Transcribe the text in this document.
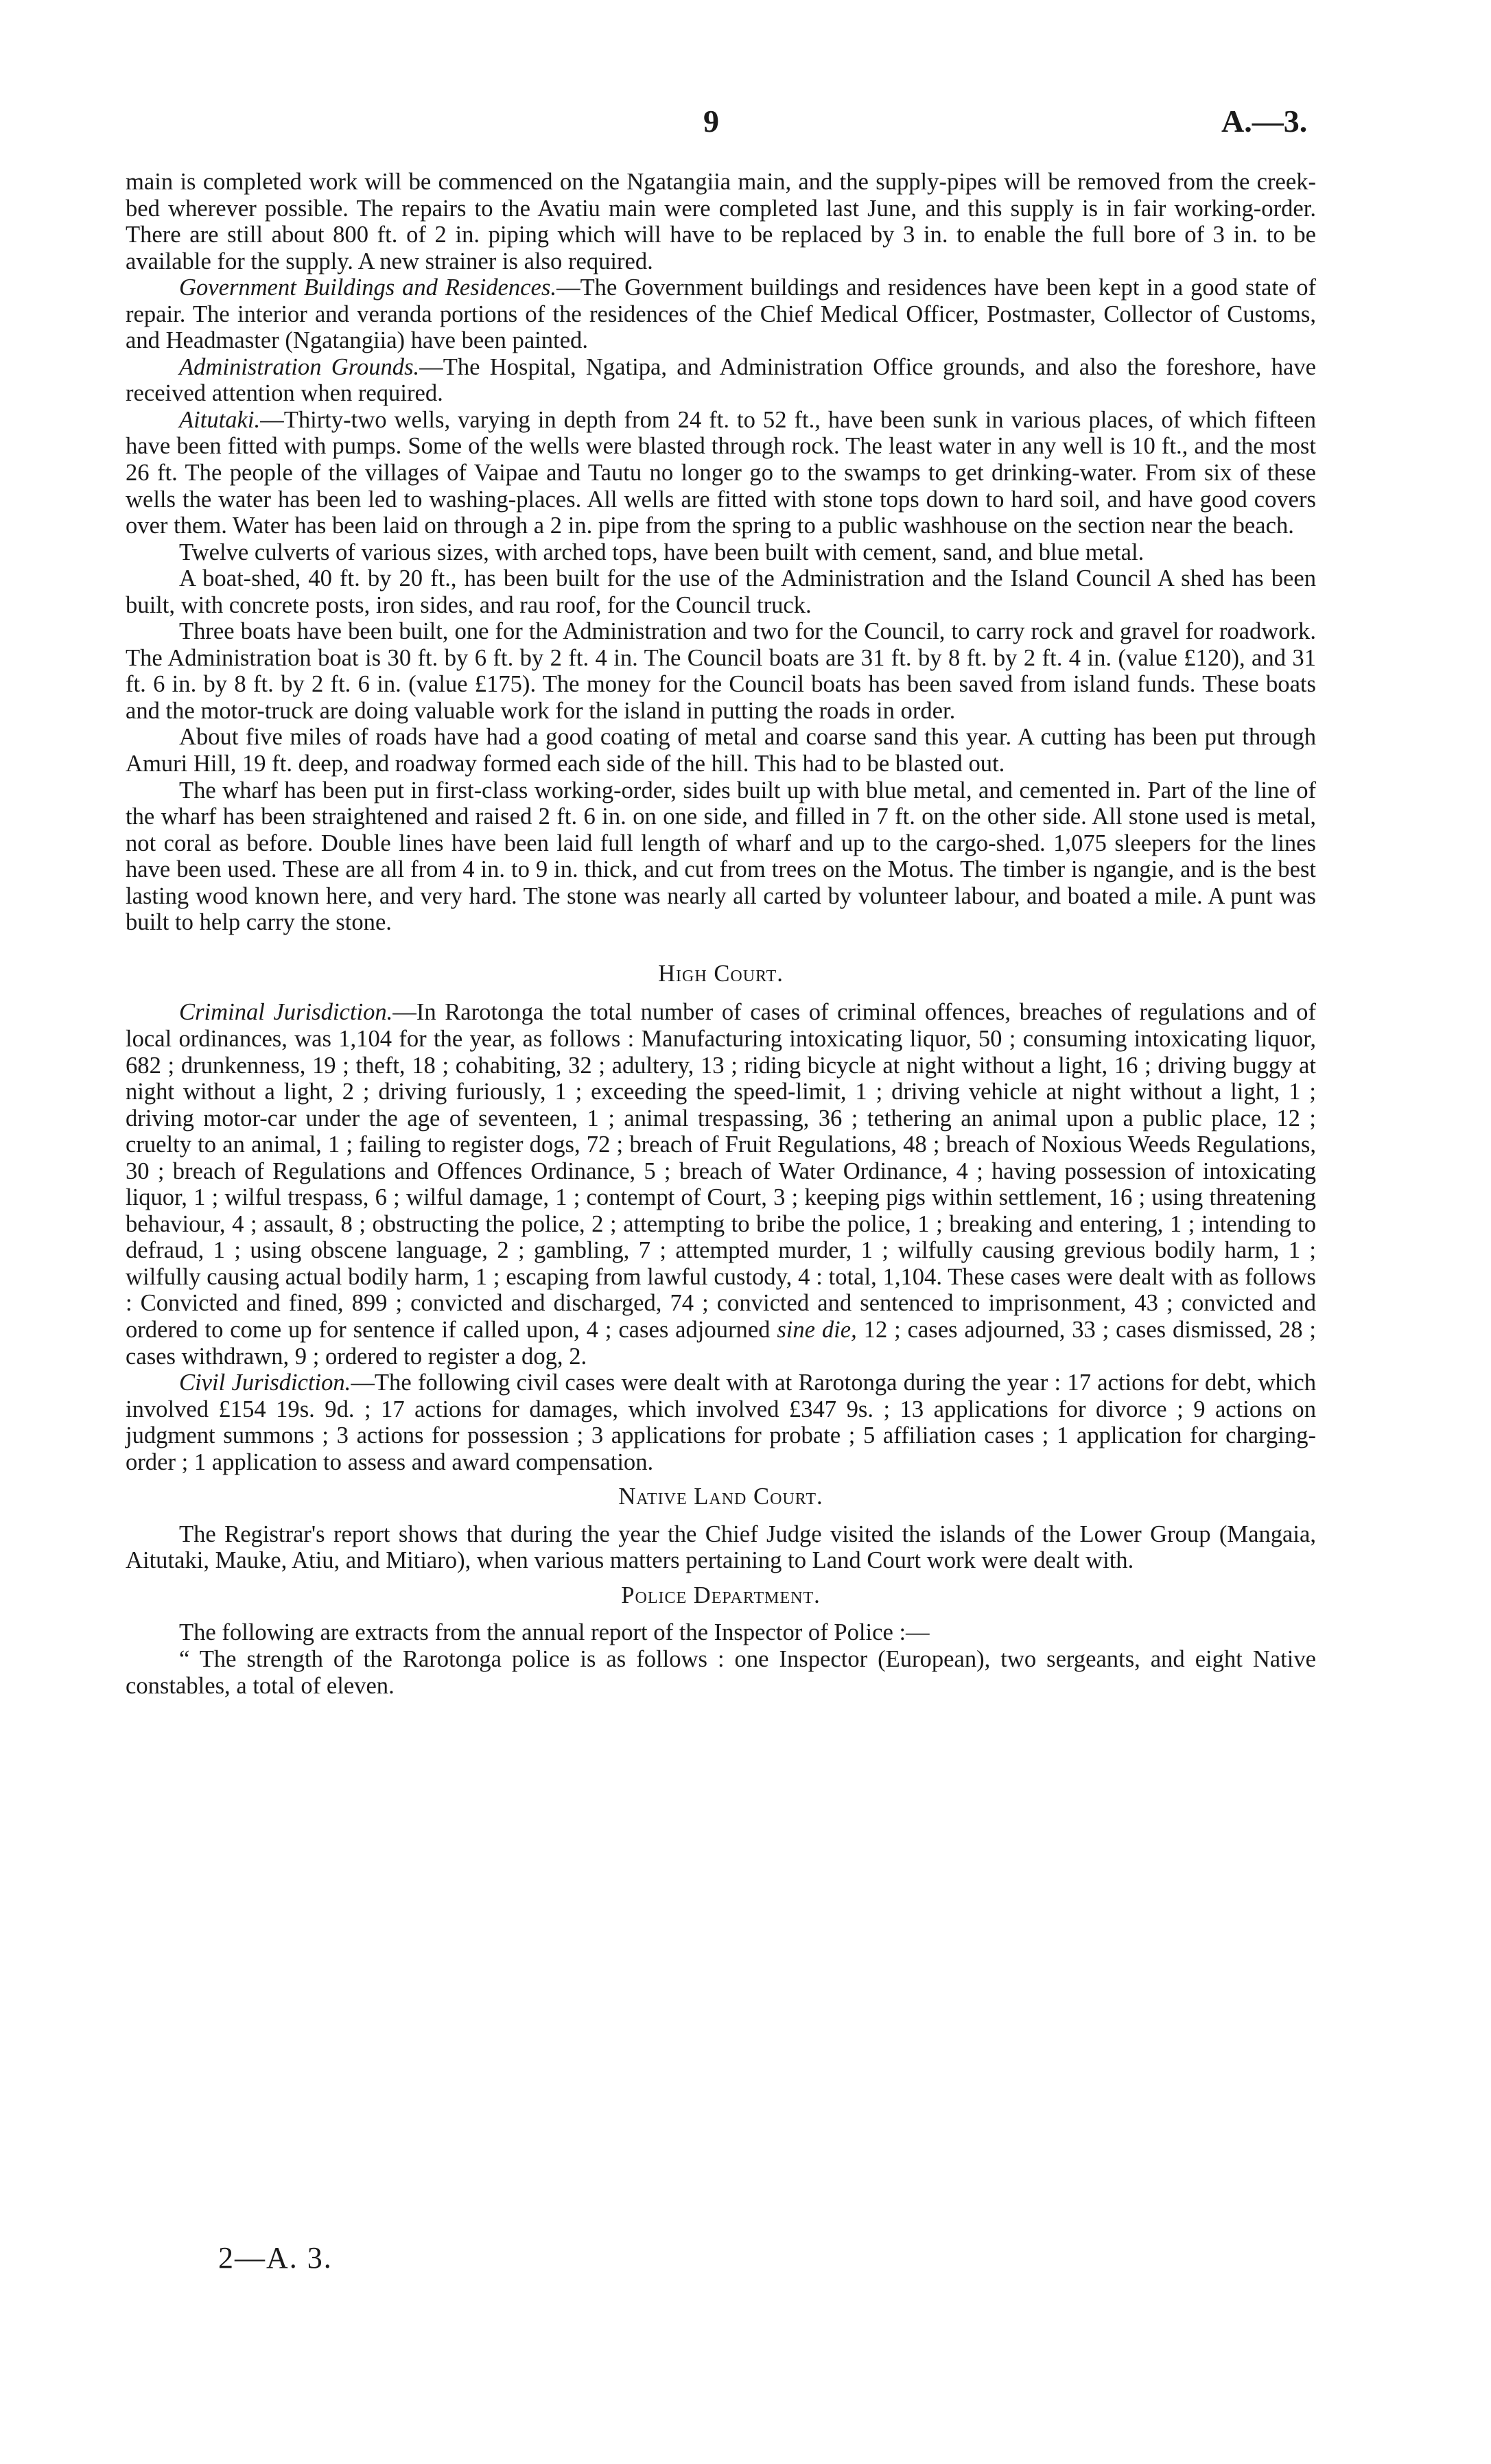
9	A.—3.

main is completed work will be commenced on the Ngatangiia main, and the supply-pipes will be removed from the creek-bed wherever possible. The repairs to the Avatiu main were completed last June, and this supply is in fair working-order. There are still about 800 ft. of 2 in. piping which will have to be replaced by 3 in. to enable the full bore of 3 in. to be available for the supply. A new strainer is also required.

Government Buildings and Residences.—The Government buildings and residences have been kept in a good state of repair. The interior and veranda portions of the residences of the Chief Medical Officer, Postmaster, Collector of Customs, and Headmaster (Ngatangiia) have been painted.

Administration Grounds.—The Hospital, Ngatipa, and Administration Office grounds, and also the foreshore, have received attention when required.

Aitutaki.—Thirty-two wells, varying in depth from 24 ft. to 52 ft., have been sunk in various places, of which fifteen have been fitted with pumps. Some of the wells were blasted through rock. The least water in any well is 10 ft., and the most 26 ft. The people of the villages of Vaipae and Tautu no longer go to the swamps to get drinking-water. From six of these wells the water has been led to washing-places. All wells are fitted with stone tops down to hard soil, and have good covers over them. Water has been laid on through a 2 in. pipe from the spring to a public washhouse on the section near the beach.

Twelve culverts of various sizes, with arched tops, have been built with cement, sand, and blue metal.

A boat-shed, 40 ft. by 20 ft., has been built for the use of the Administration and the Island Council A shed has been built, with concrete posts, iron sides, and rau roof, for the Council truck.

Three boats have been built, one for the Administration and two for the Council, to carry rock and gravel for roadwork. The Administration boat is 30 ft. by 6 ft. by 2 ft. 4 in. The Council boats are 31 ft. by 8 ft. by 2 ft. 4 in. (value £120), and 31 ft. 6 in. by 8 ft. by 2 ft. 6 in. (value £175). The money for the Council boats has been saved from island funds. These boats and the motor-truck are doing valuable work for the island in putting the roads in order.

About five miles of roads have had a good coating of metal and coarse sand this year. A cutting has been put through Amuri Hill, 19 ft. deep, and roadway formed each side of the hill. This had to be blasted out.

The wharf has been put in first-class working-order, sides built up with blue metal, and cemented in. Part of the line of the wharf has been straightened and raised 2 ft. 6 in. on one side, and filled in 7 ft. on the other side. All stone used is metal, not coral as before. Double lines have been laid full length of wharf and up to the cargo-shed. 1,075 sleepers for the lines have been used. These are all from 4 in. to 9 in. thick, and cut from trees on the Motus. The timber is ngangie, and is the best lasting wood known here, and very hard. The stone was nearly all carted by volunteer labour, and boated a mile. A punt was built to help carry the stone.

High Court.

Criminal Jurisdiction.—In Rarotonga the total number of cases of criminal offences, breaches of regulations and of local ordinances, was 1,104 for the year, as follows : Manufacturing intoxicating liquor, 50 ; consuming intoxicating liquor, 682 ; drunkenness, 19 ; theft, 18 ; cohabiting, 32 ; adultery, 13 ; riding bicycle at night without a light, 16 ; driving buggy at night without a light, 2 ; driving furiously, 1 ; exceeding the speed-limit, 1 ; driving vehicle at night without a light, 1 ; driving motor-car under the age of seventeen, 1 ; animal trespassing, 36 ; tethering an animal upon a public place, 12 ; cruelty to an animal, 1 ; failing to register dogs, 72 ; breach of Fruit Regulations, 48 ; breach of Noxious Weeds Regulations, 30 ; breach of Regulations and Offences Ordinance, 5 ; breach of Water Ordinance, 4 ; having possession of intoxicating liquor, 1 ; wilful trespass, 6 ; wilful damage, 1 ; contempt of Court, 3 ; keeping pigs within settlement, 16 ; using threatening behaviour, 4 ; assault, 8 ; obstructing the police, 2 ; attempting to bribe the police, 1 ; breaking and entering, 1 ; intending to defraud, 1 ; using obscene language, 2 ; gambling, 7 ; attempted murder, 1 ; wilfully causing grevious bodily harm, 1 ; wilfully causing actual bodily harm, 1 ; escaping from lawful custody, 4 : total, 1,104. These cases were dealt with as follows : Convicted and fined, 899 ; convicted and discharged, 74 ; convicted and sentenced to imprisonment, 43 ; convicted and ordered to come up for sentence if called upon, 4 ; cases adjourned sine die, 12 ; cases adjourned, 33 ; cases dismissed, 28 ; cases withdrawn, 9 ; ordered to register a dog, 2.

Civil Jurisdiction.—The following civil cases were dealt with at Rarotonga during the year : 17 actions for debt, which involved £154 19s. 9d. ; 17 actions for damages, which involved £347 9s. ; 13 applications for divorce ; 9 actions on judgment summons ; 3 actions for possession ; 3 applications for probate ; 5 affiliation cases ; 1 application for charging-order ; 1 application to assess and award compensation.

Native Land Court.

The Registrar's report shows that during the year the Chief Judge visited the islands of the Lower Group (Mangaia, Aitutaki, Mauke, Atiu, and Mitiaro), when various matters pertaining to Land Court work were dealt with.

Police Department.

The following are extracts from the annual report of the Inspector of Police :—

“ The strength of the Rarotonga police is as follows : one Inspector (European), two sergeants, and eight Native constables, a total of eleven.

2—A. 3.
